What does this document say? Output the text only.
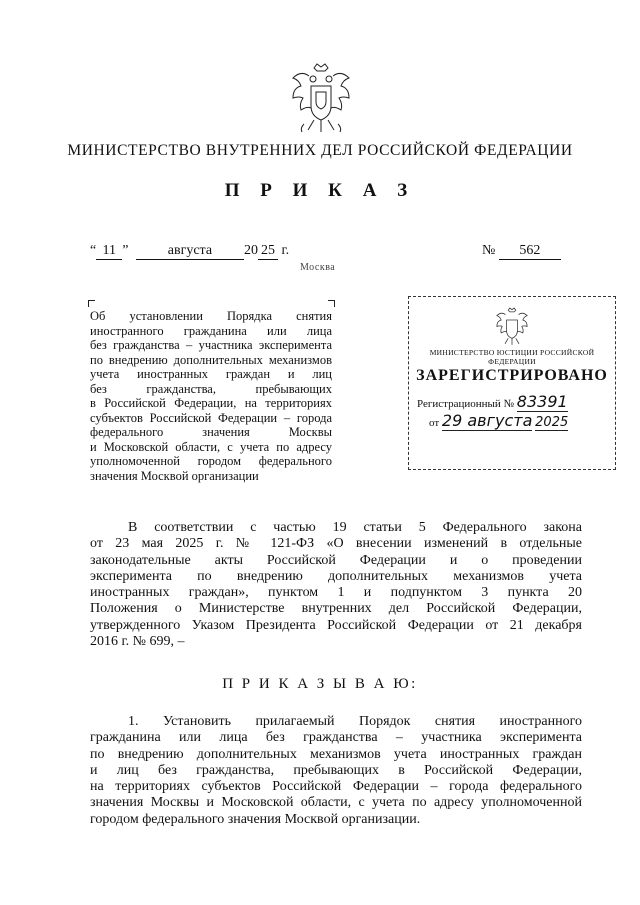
МИНИСТЕРСТВО ВНУТРЕННИХ ДЕЛ РОССИЙСКОЙ ФЕДЕРАЦИИ
П Р И К А З
“ 11 ”	августа 20 25 г.	№ 562
Москва
Об установлении Порядка снятия
иностранного гражданина или лица
без гражданства – участника эксперимента
по внедрению дополнительных механизмов
учета иностранных граждан и лиц
без гражданства, пребывающих
в Российской Федерации, на территориях
субъектов Российской Федерации – города
федерального значения Москвы
и Московской области, с учета по адресу
уполномоченной городом федерального
значения Москвой организации
МИНИСТЕРСТВО ЮСТИЦИИ РОССИЙСКОЙ ФЕДЕРАЦИИ
ЗАРЕГИСТРИРОВАНО
Регистрационный № 83391
от 29 августа 2025
В соответствии с частью 19 статьи 5 Федерального закона
от 23 мая 2025 г. № 121-ФЗ «О внесении изменений в отдельные
законодательные акты Российской Федерации и о проведении
эксперимента по внедрению дополнительных механизмов учета
иностранных граждан», пунктом 1 и подпунктом 3 пункта 20
Положения о Министерстве внутренних дел Российской Федерации,
утвержденного Указом Президента Российской Федерации от 21 декабря
2016 г. № 699, –
П Р И К А З Ы В А Ю:
1. Установить прилагаемый Порядок снятия иностранного
гражданина или лица без гражданства – участника эксперимента
по внедрению дополнительных механизмов учета иностранных граждан
и лиц без гражданства, пребывающих в Российской Федерации,
на территориях субъектов Российской Федерации – города федерального
значения Москвы и Московской области, с учета по адресу уполномоченной
городом федерального значения Москвой организации.
